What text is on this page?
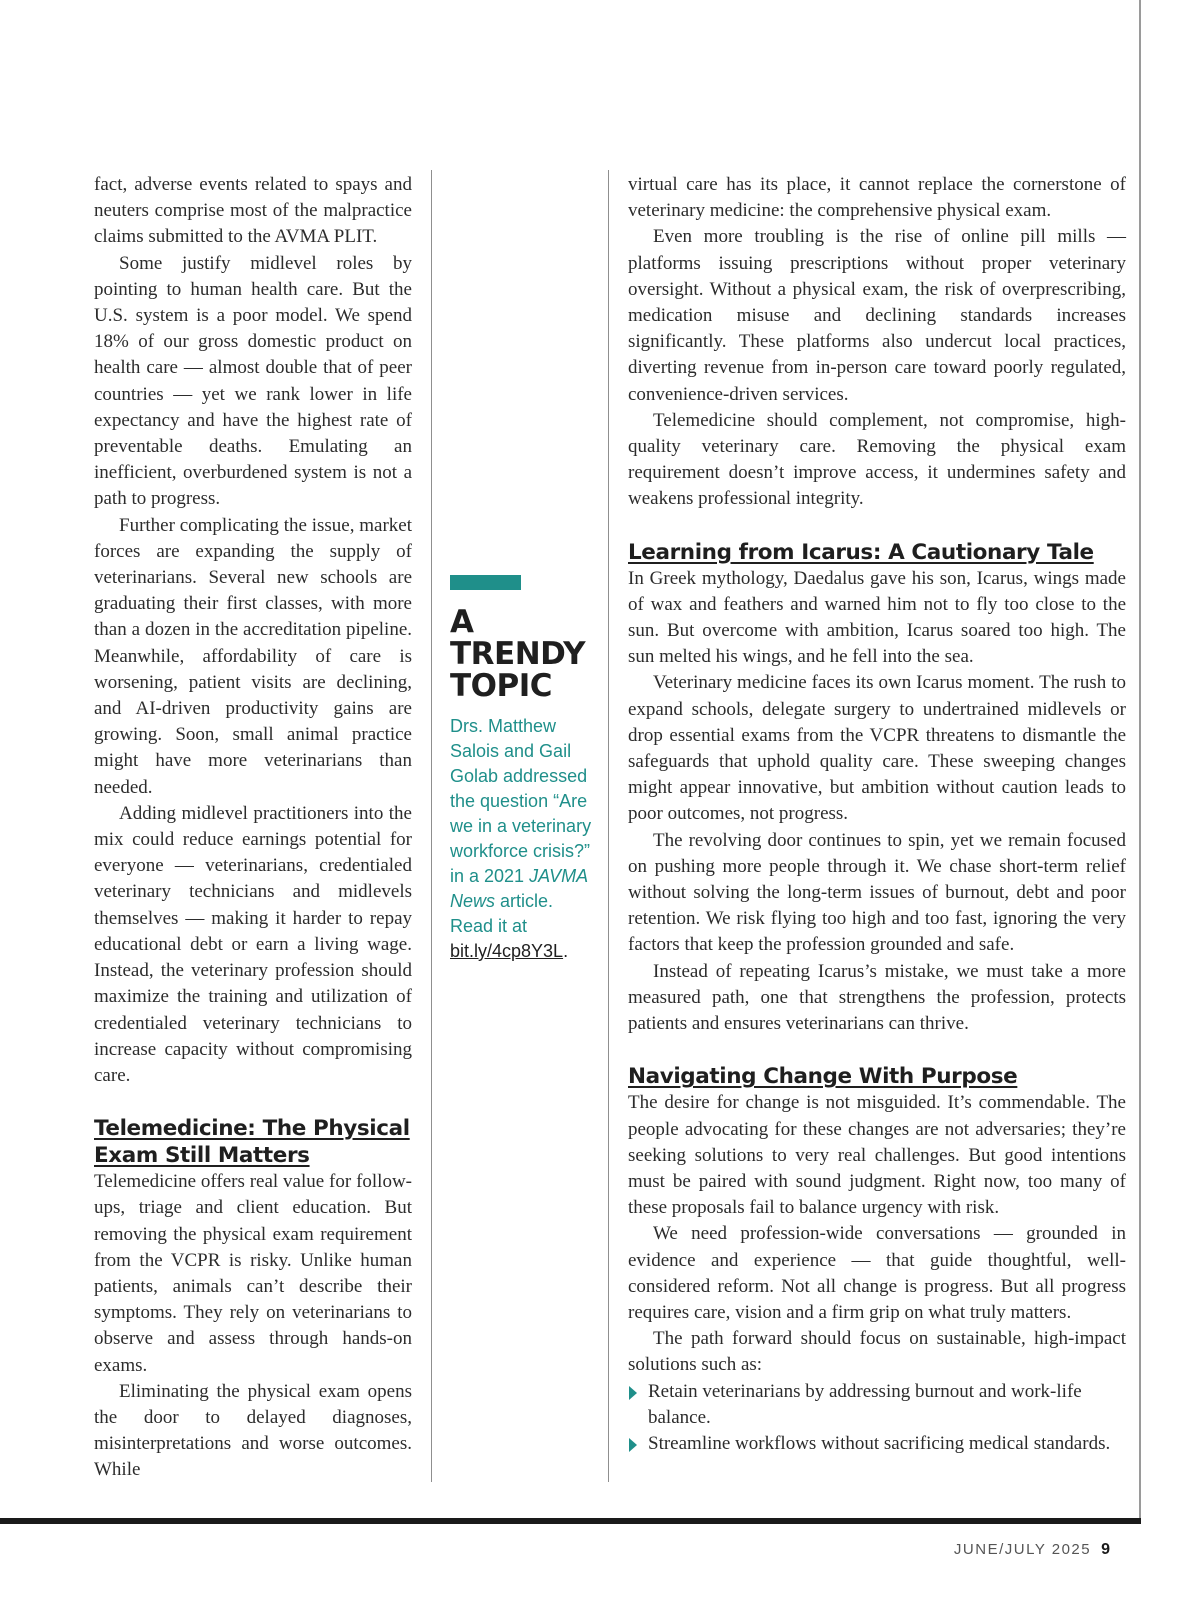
fact, adverse events related to spays and neuters comprise most of the malpractice claims submitted to the AVMA PLIT.

Some justify midlevel roles by pointing to human health care. But the U.S. system is a poor model. We spend 18% of our gross domestic product on health care — almost double that of peer countries — yet we rank lower in life expectancy and have the highest rate of preventable deaths. Emulating an inefficient, overburdened system is not a path to progress.

Further complicating the issue, market forces are expanding the supply of veterinarians. Several new schools are graduating their first classes, with more than a dozen in the accreditation pipeline. Meanwhile, affordability of care is worsening, patient visits are declining, and AI-driven productivity gains are growing. Soon, small animal practice might have more veterinarians than needed.

Adding midlevel practitioners into the mix could reduce earnings potential for everyone — veterinarians, credentialed veterinary technicians and midlevels themselves — making it harder to repay educational debt or earn a living wage. Instead, the veterinary profession should maximize the training and utilization of credentialed veterinary technicians to increase capacity without compromising care.

Telemedicine: The Physical Exam Still Matters

Telemedicine offers real value for follow-ups, triage and client education. But removing the physical exam requirement from the VCPR is risky. Unlike human patients, animals can’t describe their symptoms. They rely on veterinarians to observe and assess through hands-on exams.

Eliminating the physical exam opens the door to delayed diagnoses, misinterpretations and worse outcomes. While

A TRENDY TOPIC

Drs. Matthew Salois and Gail Golab addressed the question “Are we in a veterinary workforce crisis?” in a 2021 JAVMA News article. Read it at bit.ly/4cp8Y3L.

virtual care has its place, it cannot replace the cornerstone of veterinary medicine: the comprehensive physical exam.

Even more troubling is the rise of online pill mills — platforms issuing prescriptions without proper veterinary oversight. Without a physical exam, the risk of overprescribing, medication misuse and declining standards increases significantly. These platforms also undercut local practices, diverting revenue from in-person care toward poorly regulated, convenience-driven services.

Telemedicine should complement, not compromise, high-quality veterinary care. Removing the physical exam requirement doesn’t improve access, it undermines safety and weakens professional integrity.

Learning from Icarus: A Cautionary Tale

In Greek mythology, Daedalus gave his son, Icarus, wings made of wax and feathers and warned him not to fly too close to the sun. But overcome with ambition, Icarus soared too high. The sun melted his wings, and he fell into the sea.

Veterinary medicine faces its own Icarus moment. The rush to expand schools, delegate surgery to undertrained midlevels or drop essential exams from the VCPR threatens to dismantle the safeguards that uphold quality care. These sweeping changes might appear innovative, but ambition without caution leads to poor outcomes, not progress.

The revolving door continues to spin, yet we remain focused on pushing more people through it. We chase short-term relief without solving the long-term issues of burnout, debt and poor retention. We risk flying too high and too fast, ignoring the very factors that keep the profession grounded and safe.

Instead of repeating Icarus’s mistake, we must take a more measured path, one that strengthens the profession, protects patients and ensures veterinarians can thrive.

Navigating Change With Purpose

The desire for change is not misguided. It’s commendable. The people advocating for these changes are not adversaries; they’re seeking solutions to very real challenges. But good intentions must be paired with sound judgment. Right now, too many of these proposals fail to balance urgency with risk.

We need profession-wide conversations — grounded in evidence and experience — that guide thoughtful, well-considered reform. Not all change is progress. But all progress requires care, vision and a firm grip on what truly matters.

The path forward should focus on sustainable, high-impact solutions such as:

Retain veterinarians by addressing burnout and work-life balance.
Streamline workflows without sacrificing medical standards.
JUNE/JULY 2025 9
